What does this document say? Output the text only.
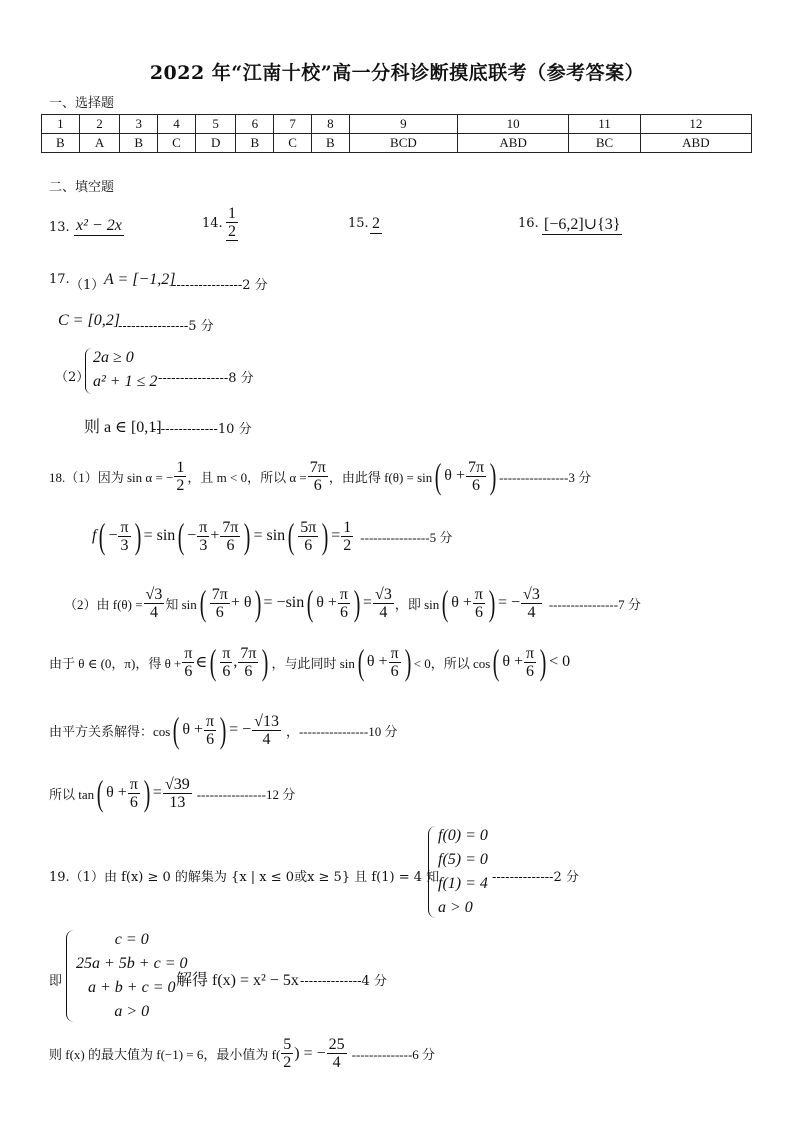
2022 年“江南十校”高一分科诊断摸底联考（参考答案）
一、选择题
1	2	3	4	5	6	7	8	9	10	11	12
B	A	B	C	D	B	C	B	BCD	ABD	BC	ABD
二、填空题
13. x² − 2x	14. $\frac{1}{2}$	15. 2	16. [−6,2]∪{3}
17. （1） A = [−1,2]
----------------2 分
C = [0,2]
----------------5 分
（2）
2a ≥ 0
a² + 1 ≤ 2 ----------------8 分
则 a ∈ [0,1]
---------------10 分
18.（1）因为 sin α = − $\frac{1}{2}$ ，且 m < 0，所以 $\alpha = \frac{7\pi}{6}$ ，由此得 f(θ) = sin ( $\theta + \frac{7\pi}{6}$ ) ----------------3 分
f ( − $\frac{\pi}{3}$ ) = sin ( − $\frac{\pi}{3} + \frac{7\pi}{6}$ ) = sin ( $\frac{5\pi}{6}$ ) = $\frac{1}{2} ----------------5$ 分
（2）由 $f(\theta) = \frac{√3}{4}$ 知 sin ( $\frac{7\pi}{6} + \theta$ ) = −sin ( $\theta + \frac{\pi}{6}$ ) = $\frac{√3}{4}$ ，即 sin ( $\theta + \frac{\pi}{6}$ ) = − $\frac{√3}{4} ----------------7$ 分
由于 θ ∈ (0，π)，得 $\theta + \frac{\pi}{6}$ ∈ ( $\frac{\pi}{6}$ , $\frac{7\pi}{6}$ ) ，与此同时 sin ( $\theta + \frac{\pi}{6}$ ) < 0，所以 cos ( $\theta + \frac{\pi}{6}$ ) < 0
由平方关系解得：cos ( $\theta + \frac{\pi}{6}$ ) = − $\frac{√13}{4}$ ，----------------10 分
所以 tan ( $\theta + \frac{\pi}{6}$ ) = $\frac{√39}{13} ----------------12$ 分
19.（1）由 f(x) ≥ 0 的解集为 {x | x ≤ 0或x ≥ 5} 且 f(1) = 4 知
f(0) = 0
f(5) = 0
f(1) = 4
a > 0
--------------2 分
即
c = 0
25a + 5b + c = 0
a + b + c = 0
a > 0
解得 f(x) = x² − 5x --------------4 分
则 f(x) 的最大值为 f(−1) = 6，最小值为 $f( \frac{5}{2}$ ) = − $\frac{25}{4} --------------6$ 分
